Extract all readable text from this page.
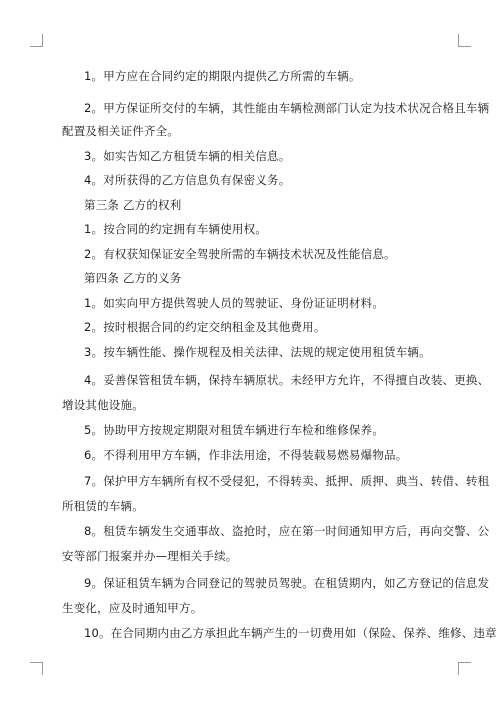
1。甲方应在合同约定的期限内提供乙方所需的车辆。
2。甲方保证所交付的车辆，其性能由车辆检测部门认定为技术状况合格且车辆
配置及相关证件齐全。
3。如实告知乙方租赁车辆的相关信息。
4。对所获得的乙方信息负有保密义务。
第三条 乙方的权利
1。按合同的约定拥有车辆使用权。
2。有权获知保证安全驾驶所需的车辆技术状况及性能信息。
第四条 乙方的义务
1。如实向甲方提供驾驶人员的驾驶证、身份证证明材料。
2。按时根据合同的约定交纳租金及其他费用。
3。按车辆性能、操作规程及相关法律、法规的规定使用租赁车辆。
4。妥善保管租赁车辆，保持车辆原状。未经甲方允许，不得擅自改装、更换、
增设其他设施。
5。协助甲方按规定期限对租赁车辆进行车检和维修保养。
6。不得利用甲方车辆，作非法用途，不得装载易燃易爆物品。
7。保护甲方车辆所有权不受侵犯，不得转卖、抵押、质押、典当、转借、转租
所租赁的车辆。
8。租赁车辆发生交通事故、盗抢时，应在第一时间通知甲方后，再向交警、公
安等部门报案并办—理相关手续。
9。保证租赁车辆为合同登记的驾驶员驾驶。在租赁期内，如乙方登记的信息发
生变化，应及时通知甲方。
10。在合同期内由乙方承担此车辆产生的一切费用如（保险、保养、维修、违章
